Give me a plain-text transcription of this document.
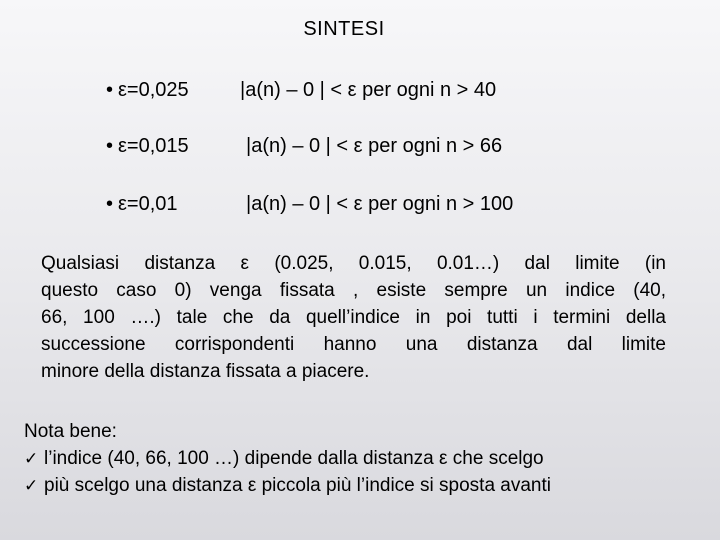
SINTESI
• ε=0,025	|a(n) – 0 | < ε per ogni n > 40
• ε=0,015	|a(n) – 0 | < ε per ogni n > 66
• ε=0,01	|a(n) – 0 | < ε per ogni n > 100
Qualsiasi distanza ε (0.025, 0.015, 0.01…) dal limite (in
questo caso 0) venga fissata , esiste sempre un indice (40,
66, 100 ….) tale che da quell’indice in poi tutti i termini della
successione corrispondenti hanno una distanza dal limite
minore della distanza fissata a piacere.
Nota bene:
✓ l’indice (40, 66, 100 …) dipende dalla distanza ε che scelgo
✓ più scelgo una distanza ε piccola più l’indice si sposta avanti
